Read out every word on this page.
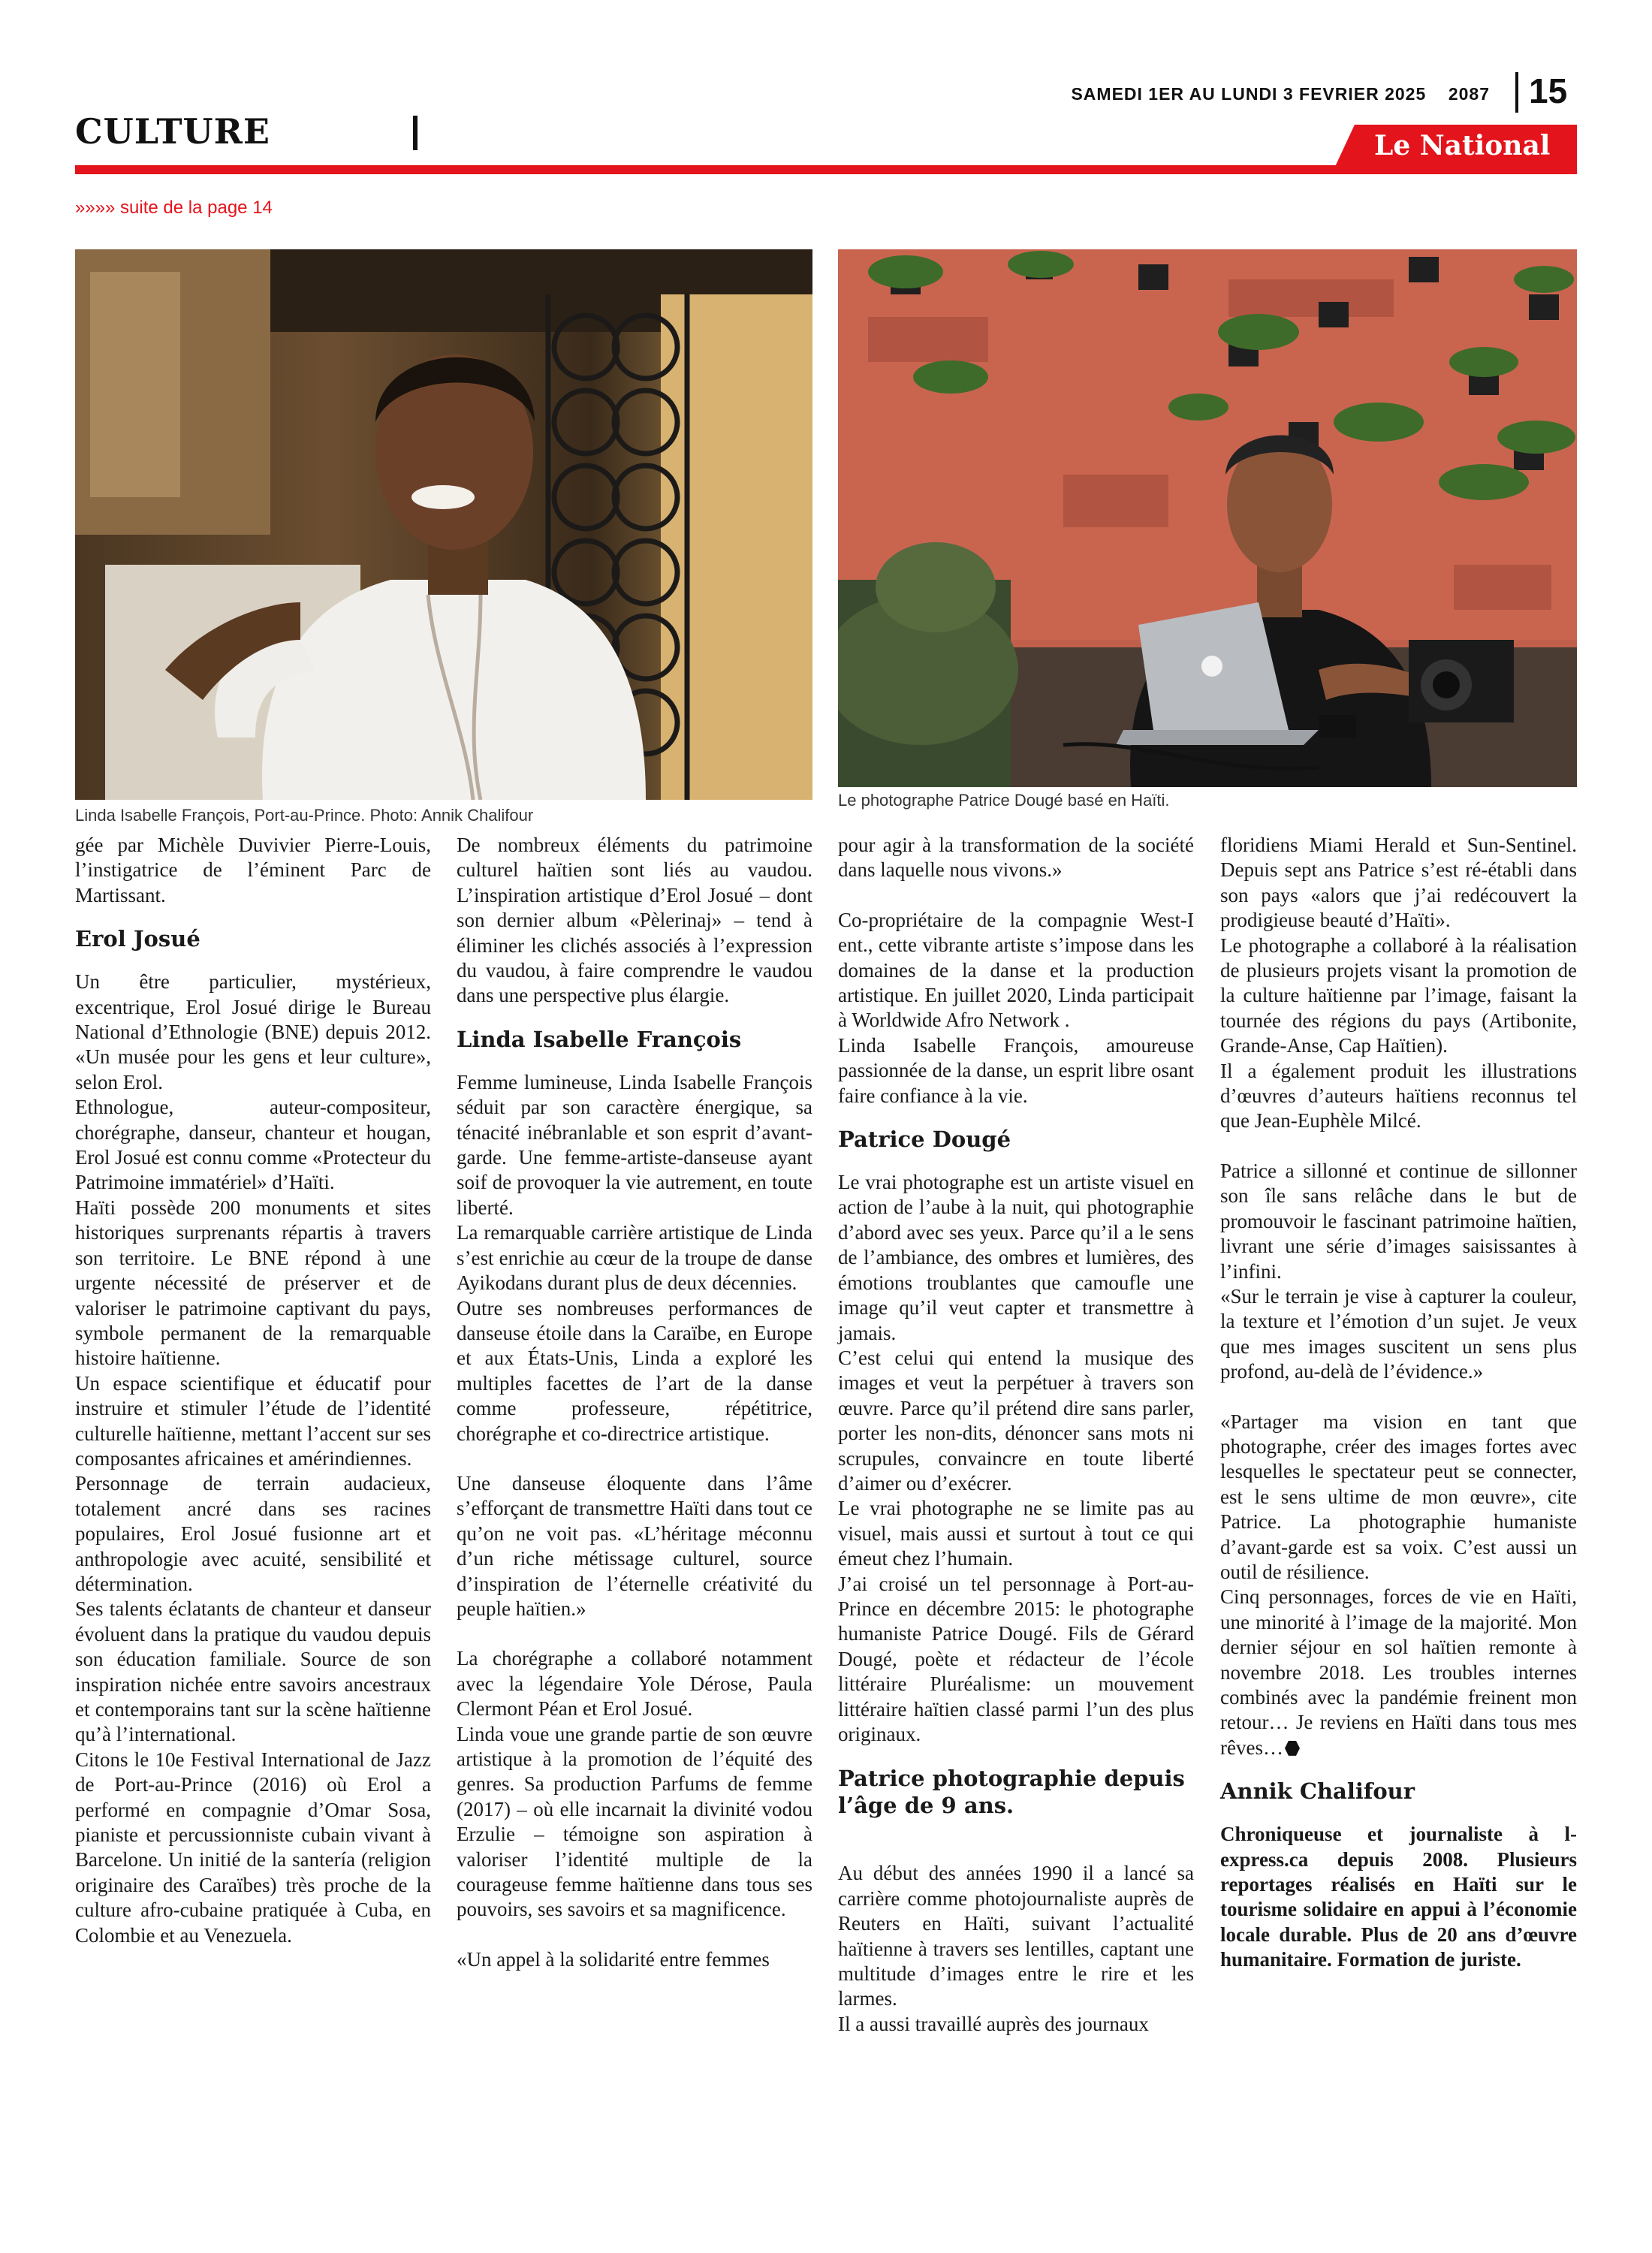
CULTURE
SAMEDI 1ER AU LUNDI 3 FEVRIER 2025 2087 15
Le National
»»»» suite de la page 14
Linda Isabelle François, Port-au-Prince. Photo: Annik Chalifour
Le photographe Patrice Dougé basé en Haïti.

gée par Michèle Duvivier Pierre-Louis, l’instigatrice de l’éminent Parc de Martissant.

Erol Josué

Un être particulier, mystérieux, excentrique, Erol Josué dirige le Bureau National d’Ethnologie (BNE) depuis 2012. «Un musée pour les gens et leur culture», selon Erol.

Ethnologue, auteur-compositeur, chorégraphe, danseur, chanteur et hougan, Erol Josué est connu comme «Protecteur du Patrimoine immatériel» d’Haïti.

Haïti possède 200 monuments et sites historiques surprenants répartis à travers son territoire. Le BNE répond à une urgente nécessité de préserver et de valoriser le patrimoine captivant du pays, symbole permanent de la remarquable histoire haïtienne.

Un espace scientifique et éducatif pour instruire et stimuler l’étude de l’identité culturelle haïtienne, mettant l’accent sur ses composantes africaines et amérindiennes.

Personnage de terrain audacieux, totalement ancré dans ses racines populaires, Erol Josué fusionne art et anthropologie avec acuité, sensibilité et détermination.

Ses talents éclatants de chanteur et danseur évoluent dans la pratique du vaudou depuis son éducation familiale. Source de son inspiration nichée entre savoirs ancestraux et contemporains tant sur la scène haïtienne qu’à l’international.

Citons le 10e Festival International de Jazz de Port-au-Prince (2016) où Erol a performé en compagnie d’Omar Sosa, pianiste et percussionniste cubain vivant à Barcelone. Un initié de la santería (religion originaire des Caraïbes) très proche de la culture afro-cubaine pratiquée à Cuba, en Colombie et au Venezuela.

De nombreux éléments du patrimoine culturel haïtien sont liés au vaudou. L’inspiration artistique d’Erol Josué – dont son dernier album «Pèlerinaj» – tend à éliminer les clichés associés à l’expression du vaudou, à faire comprendre le vaudou dans une perspective plus élargie.

Linda Isabelle François

Femme lumineuse, Linda Isabelle François séduit par son caractère énergique, sa ténacité inébranlable et son esprit d’avant-garde. Une femme-artiste-danseuse ayant soif de provoquer la vie autrement, en toute liberté.

La remarquable carrière artistique de Linda s’est enrichie au cœur de la troupe de danse Ayikodans durant plus de deux décennies.

Outre ses nombreuses performances de danseuse étoile dans la Caraïbe, en Europe et aux États-Unis, Linda a exploré les multiples facettes de l’art de la danse comme professeure, répétitrice, chorégraphe et co-directrice artistique.

Une danseuse éloquente dans l’âme s’efforçant de transmettre Haïti dans tout ce qu’on ne voit pas. «L’héritage méconnu d’un riche métissage culturel, source d’inspiration de l’éternelle créativité du peuple haïtien.»

La chorégraphe a collaboré notamment avec la légendaire Yole Dérose, Paula Clermont Péan et Erol Josué.

Linda voue une grande partie de son œuvre artistique à la promotion de l’équité des genres. Sa production Parfums de femme (2017) – où elle incarnait la divinité vodou Erzulie – témoigne son aspiration à valoriser l’identité multiple de la courageuse femme haïtienne dans tous ses pouvoirs, ses savoirs et sa magnificence.

«Un appel à la solidarité entre femmes

pour agir à la transformation de la société dans laquelle nous vivons.»

Co-propriétaire de la compagnie West-I ent., cette vibrante artiste s’impose dans les domaines de la danse et la production artistique. En juillet 2020, Linda participait à Worldwide Afro Network .

Linda Isabelle François, amoureuse passionnée de la danse, un esprit libre osant faire confiance à la vie.

Patrice Dougé

Le vrai photographe est un artiste visuel en action de l’aube à la nuit, qui photographie d’abord avec ses yeux. Parce qu’il a le sens de l’ambiance, des ombres et lumières, des émotions troublantes que camoufle une image qu’il veut capter et transmettre à jamais.

C’est celui qui entend la musique des images et veut la perpétuer à travers son œuvre. Parce qu’il prétend dire sans parler, porter les non-dits, dénoncer sans mots ni scrupules, convaincre en toute liberté d’aimer ou d’exécrer.

Le vrai photographe ne se limite pas au visuel, mais aussi et surtout à tout ce qui émeut chez l’humain.

J’ai croisé un tel personnage à Port-au-Prince en décembre 2015: le photographe humaniste Patrice Dougé. Fils de Gérard Dougé, poète et rédacteur de l’école littéraire Pluréalisme: un mouvement littéraire haïtien classé parmi l’un des plus originaux.

Patrice photographie depuis l’âge de 9 ans.

Au début des années 1990 il a lancé sa carrière comme photojournaliste auprès de Reuters en Haïti, suivant l’actualité haïtienne à travers ses lentilles, captant une multitude d’images entre le rire et les larmes.

Il a aussi travaillé auprès des journaux

floridiens Miami Herald et Sun-Sentinel. Depuis sept ans Patrice s’est ré-établi dans son pays «alors que j’ai redécouvert la prodigieuse beauté d’Haïti».

Le photographe a collaboré à la réalisation de plusieurs projets visant la promotion de la culture haïtienne par l’image, faisant la tournée des régions du pays (Artibonite, Grande-Anse, Cap Haïtien).

Il a également produit les illustrations d’œuvres d’auteurs haïtiens reconnus tel que Jean-Euphèle Milcé.

Patrice a sillonné et continue de sillonner son île sans relâche dans le but de promouvoir le fascinant patrimoine haïtien, livrant une série d’images saisissantes à l’infini.

«Sur le terrain je vise à capturer la couleur, la texture et l’émotion d’un sujet. Je veux que mes images suscitent un sens plus profond, au-delà de l’évidence.»

«Partager ma vision en tant que photographe, créer des images fortes avec lesquelles le spectateur peut se connecter, est le sens ultime de mon œuvre», cite Patrice. La photographie humaniste d’avant-garde est sa voix. C’est aussi un outil de résilience.

Cinq personnages, forces de vie en Haïti, une minorité à l’image de la majorité. Mon dernier séjour en sol haïtien remonte à novembre 2018. Les troubles internes combinés avec la pandémie freinent mon retour… Je reviens en Haïti dans tous mes rêves…

Annik Chalifour

Chroniqueuse et journaliste à l-express.ca depuis 2008. Plusieurs reportages réalisés en Haïti sur le tourisme solidaire en appui à l’économie locale durable. Plus de 20 ans d’œuvre humanitaire. Formation de juriste.
